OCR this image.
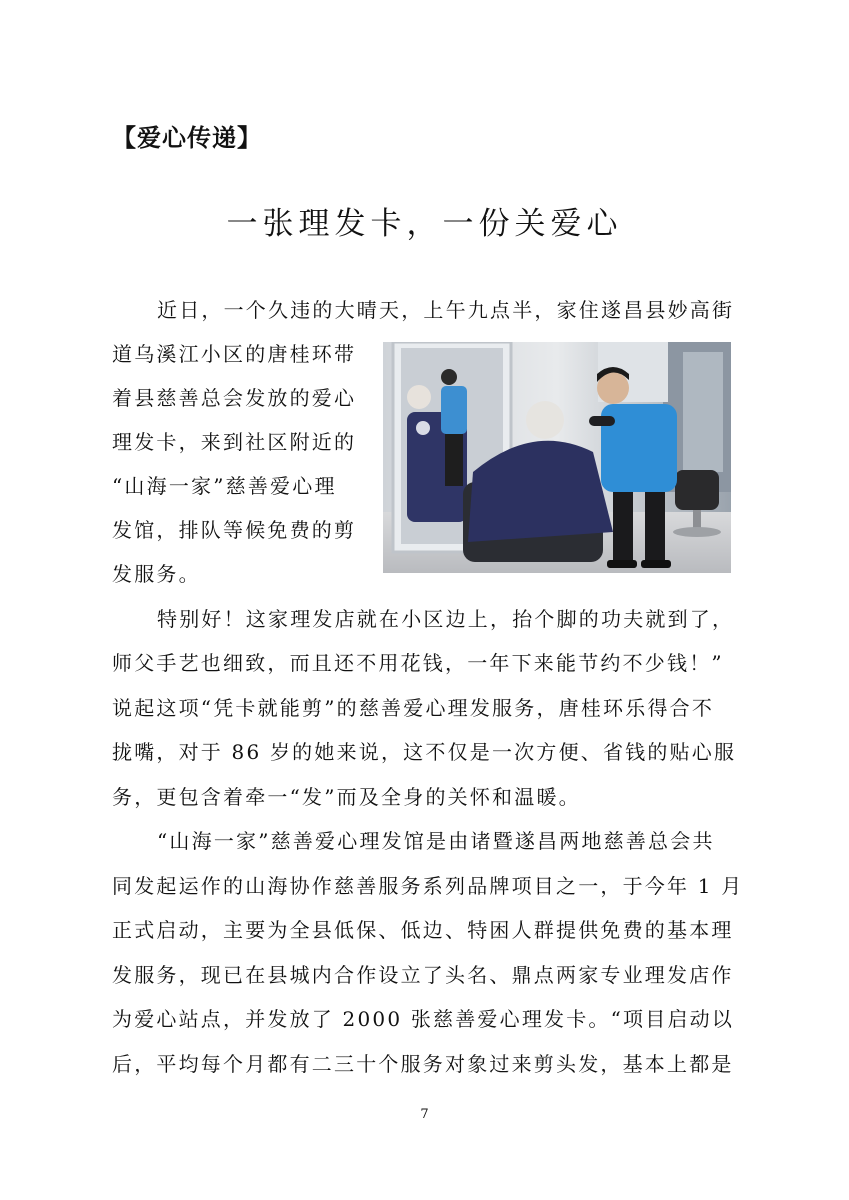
【爱心传递】
一张理发卡，一份关爱心
近日，一个久违的大晴天，上午九点半，家住遂昌县妙高街
道乌溪江小区的唐桂环带
着县慈善总会发放的爱心
理发卡，来到社区附近的
“山海一家”慈善爱心理
发馆，排队等候免费的剪
发服务。
特别好！这家理发店就在小区边上，抬个脚的功夫就到了，
师父手艺也细致，而且还不用花钱，一年下来能节约不少钱！”
说起这项“凭卡就能剪”的慈善爱心理发服务，唐桂环乐得合不
拢嘴，对于 86 岁的她来说，这不仅是一次方便、省钱的贴心服
务，更包含着牵一“发”而及全身的关怀和温暖。
“山海一家”慈善爱心理发馆是由诸暨遂昌两地慈善总会共
同发起运作的山海协作慈善服务系列品牌项目之一，于今年 1 月
正式启动，主要为全县低保、低边、特困人群提供免费的基本理
发服务，现已在县城内合作设立了头名、鼎点两家专业理发店作
为爱心站点，并发放了 2000 张慈善爱心理发卡。“项目启动以
后，平均每个月都有二三十个服务对象过来剪头发，基本上都是
7
